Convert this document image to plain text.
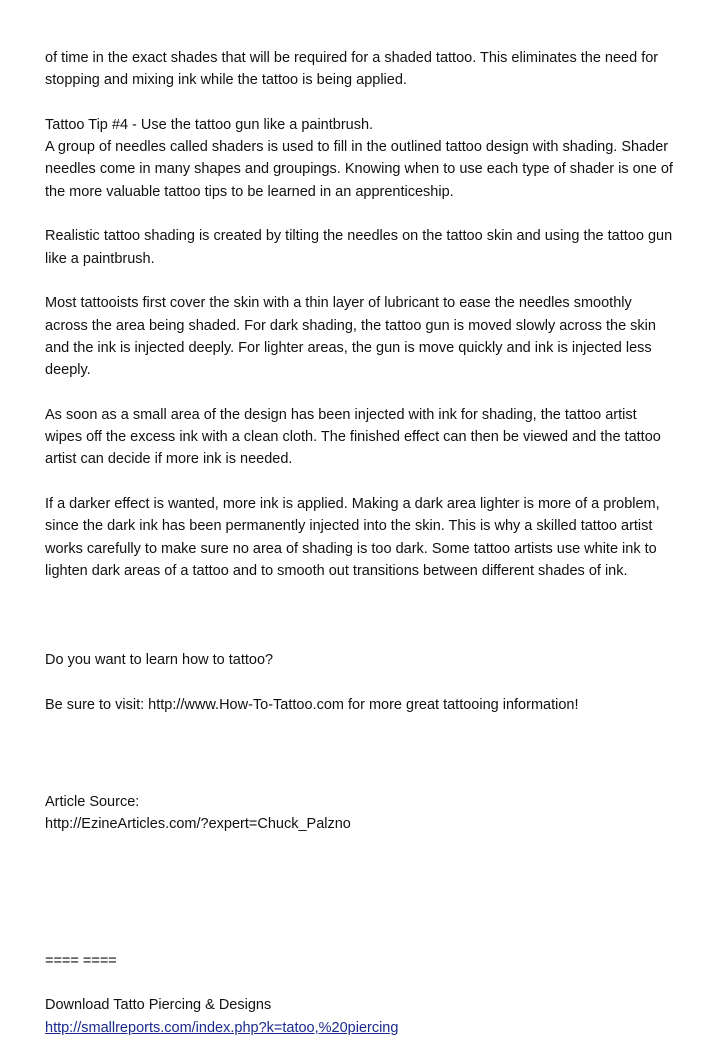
of time in the exact shades that will be required for a shaded tattoo. This eliminates the need for
stopping and mixing ink while the tattoo is being applied.
Tattoo Tip #4 - Use the tattoo gun like a paintbrush.
A group of needles called shaders is used to fill in the outlined tattoo design with shading. Shader
needles come in many shapes and groupings. Knowing when to use each type of shader is one of
the more valuable tattoo tips to be learned in an apprenticeship.
Realistic tattoo shading is created by tilting the needles on the tattoo skin and using the tattoo gun
like a paintbrush.
Most tattooists first cover the skin with a thin layer of lubricant to ease the needles smoothly
across the area being shaded. For dark shading, the tattoo gun is moved slowly across the skin
and the ink is injected deeply. For lighter areas, the gun is move quickly and ink is injected less
deeply.
As soon as a small area of the design has been injected with ink for shading, the tattoo artist
wipes off the excess ink with a clean cloth. The finished effect can then be viewed and the tattoo
artist can decide if more ink is needed.
If a darker effect is wanted, more ink is applied. Making a dark area lighter is more of a problem,
since the dark ink has been permanently injected into the skin. This is why a skilled tattoo artist
works carefully to make sure no area of shading is too dark. Some tattoo artists use white ink to
lighten dark areas of a tattoo and to smooth out transitions between different shades of ink.
Do you want to learn how to tattoo?
Be sure to visit: http://www.How-To-Tattoo.com for more great tattooing information!
Article Source:
http://EzineArticles.com/?expert=Chuck_Palzno
==== ====
Download Tatto Piercing & Designs
http://smallreports.com/index.php?k=tatoo,%20piercing
